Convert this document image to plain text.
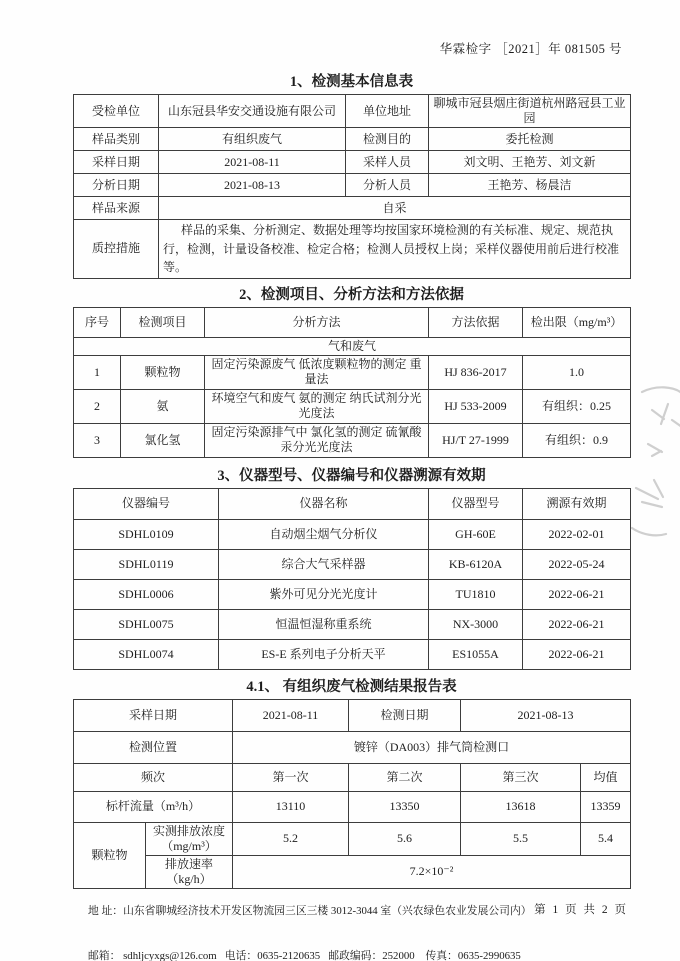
华霖检字 ［2021］年 081505 号
1、检测基本信息表
受检单位	山东冠县华安交通设施有限公司	单位地址	聊城市冠县烟庄街道杭州路冠县工业园
样品类别	有组织废气	检测目的	委托检测
采样日期	2021-08-11	采样人员	刘文明、王艳芳、刘文新
分析日期	2021-08-13	分析人员	王艳芳、杨晨洁
样品来源	自采		
质控措施	样品的采集、分析测定、数据处理等均按国家环境检测的有关标准、规定、规范执行，检测，计量设备校准、检定合格；检测人员授权上岗；采样仪器使用前后进行校准等。		
2、检测项目、分析方法和方法依据
序号	检测项目	分析方法	方法依据	检出限（mg/m³）
气和废气				
1	颗粒物	固定污染源废气 低浓度颗粒物的测定 重量法	HJ 836-2017	1.0
2	氨	环境空气和废气 氨的测定 纳氏试剂分光光度法	HJ 533-2009	有组织：0.25
3	氯化氢	固定污染源排气中 氯化氢的测定 硫氰酸汞分光光度法	HJ/T 27-1999	有组织：0.9
3、仪器型号、仪器编号和仪器溯源有效期
仪器编号	仪器名称	仪器型号	溯源有效期
SDHL0109	自动烟尘烟气分析仪	GH-60E	2022-02-01
SDHL0119	综合大气采样器	KB-6120A	2022-05-24
SDHL0006	紫外可见分光光度计	TU1810	2022-06-21
SDHL0075	恒温恒湿称重系统	NX-3000	2022-06-21
SDHL0074	ES-E 系列电子分析天平	ES1055A	2022-06-21
4.1、 有组织废气检测结果报告表
采样日期		2021-08-11	检测日期	2021-08-13	
检测位置		镀锌（DA003）排气筒检测口			
频次		第一次	第二次	第三次	均值
标杆流量（m³/h）		13110	13350	13618	13359
颗粒物	实测排放浓度（mg/m³）	5.2	5.6	5.5	5.4
	排放速率（kg/h）	7.2×10⁻²			

地 址：山东省聊城经济技术开发区物流园三区三楼 3012-3044 室（兴农绿色农业发展公司内）

邮箱： sdhljcyxgs@126.com   电话：0635-2120635   邮政编码：252000    传真：0635-2990635

第 1 页 共 2 页
